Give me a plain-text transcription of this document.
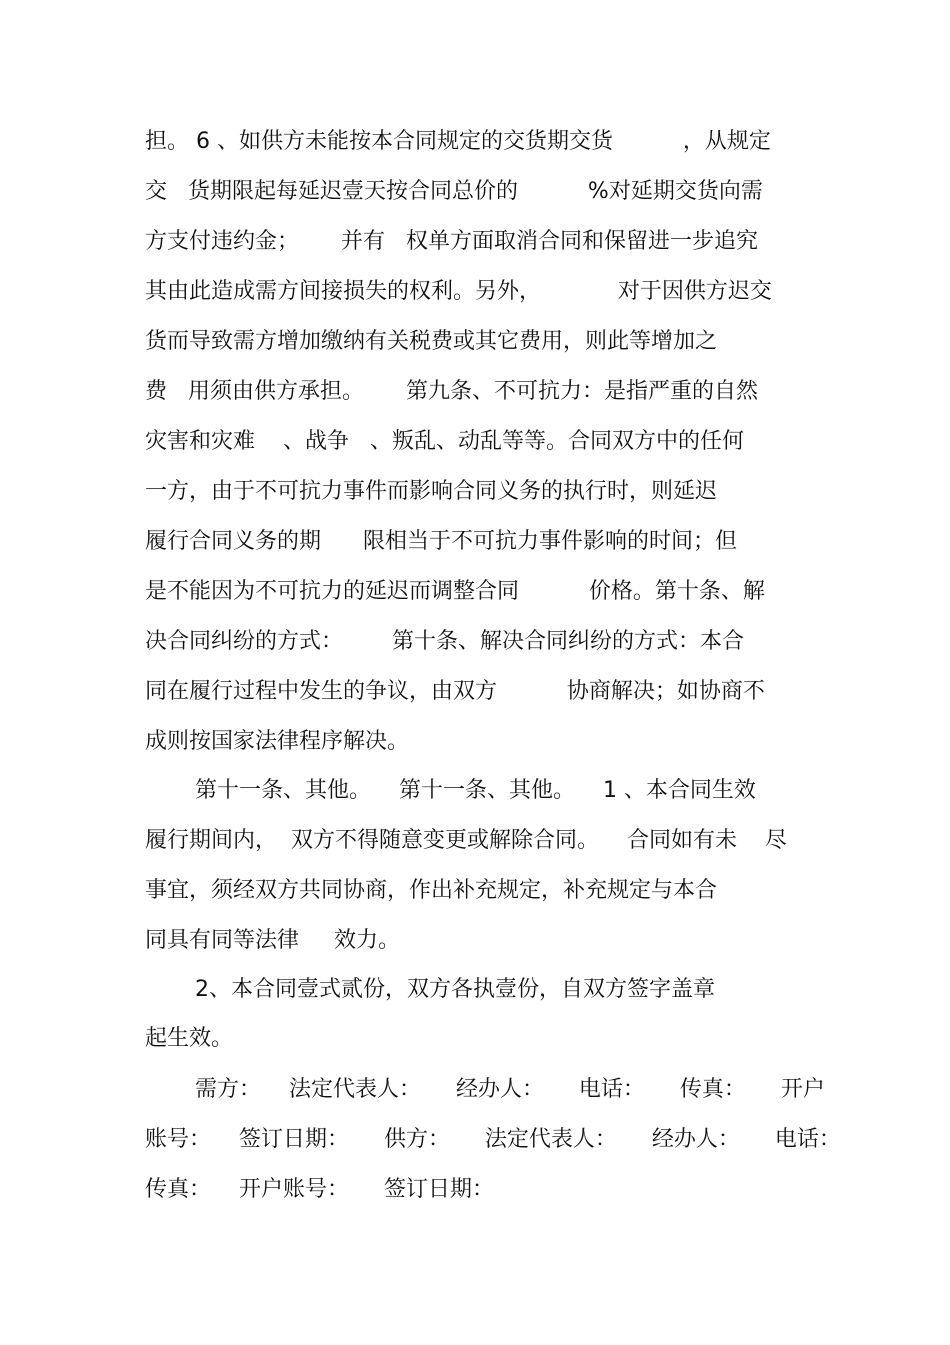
担。 6 、如供方未能按本合同规定的交货期交货          ，从规定
交   货期限起每延迟壹天按合同总价的          %对延期交货向需
方支付违约金；      并有   权单方面取消合同和保留进一步追究
其由此造成需方间接损失的权利。另外，           对于因供方迟交
货而导致需方增加缴纳有关税费或其它费用，则此等增加之
费   用须由供方承担。      第九条、不可抗力：是指严重的自然
灾害和灾难    、战争   、叛乱、动乱等等。合同双方中的任何
一方，由于不可抗力事件而影响合同义务的执行时，则延迟
履行合同义务的期      限相当于不可抗力事件影响的时间；但
是不能因为不可抗力的延迟而调整合同          价格。第十条、解
决合同纠纷的方式：       第十条、解决合同纠纷的方式：本合
同在履行过程中发生的争议，由双方          协商解决；如协商不
成则按国家法律程序解决。
第十一条、其他。    第十一条、其他。    1 、本合同生效
履行期间内，  双方不得随意变更或解除合同。    合同如有未    尽
事宜，须经双方共同协商，作出补充规定，补充规定与本合
同具有同等法律     效力。
2、本合同壹式贰份，双方各执壹份，自双方签字盖章
起生效。
需方：    法定代表人：     经办人：     电话：     传真：     开户
账号：    签订日期：     供方：     法定代表人：     经办人：     电话：
传真：    开户账号：     签订日期：
